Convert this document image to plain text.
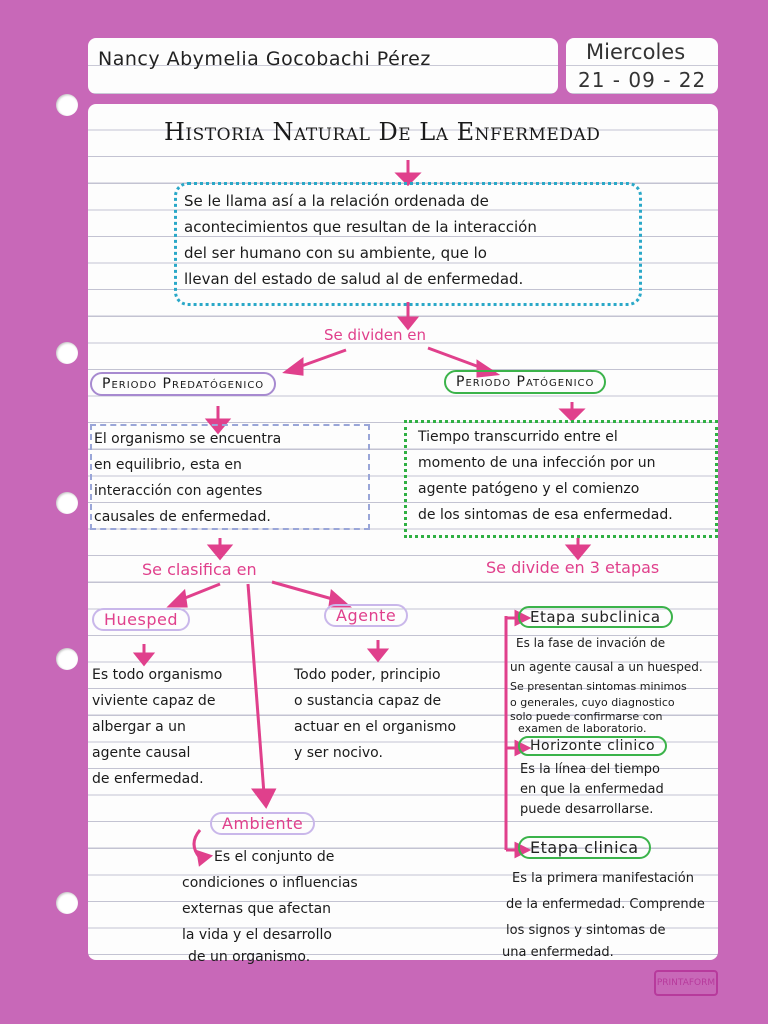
Nancy Abymelia Gocobachi Pérez	Miercoles
21 - 09 - 22
Historia Natural De La Enfermedad
Se le llama así a la relación ordenada de
acontecimientos que resultan de la interacción
del ser humano con su ambiente, que lo
llevan del estado de salud al de enfermedad.
Se dividen en
Periodo Predatógenico	Periodo Patógenico
El organismo se encuentra
en equilibrio, esta en
interacción con agentes
causales de enfermedad.
Tiempo transcurrido entre el
momento de una infección por un
agente patógeno y el comienzo
de los sintomas de esa enfermedad.
Se clasifica en	Se divide en 3 etapas
Huesped
Es todo organismo
viviente capaz de
albergar a un
agente causal
de enfermedad.
Agente
Todo poder, principio
o sustancia capaz de
actuar en el organismo
y ser nocivo.
Ambiente
Es el conjunto de
condiciones o influencias
externas que afectan
la vida y el desarrollo
de un organismo.
Etapa subclinica
Es la fase de invación de
un agente causal a un huesped.
Se presentan sintomas minimos
o generales, cuyo diagnostico
solo puede confirmarse con
examen de laboratorio.
Horizonte clinico
Es la línea del tiempo
en que la enfermedad
puede desarrollarse.
Etapa clinica
Es la primera manifestación
de la enfermedad. Comprende
los signos y sintomas de
una enfermedad.
PRINTAFORM
